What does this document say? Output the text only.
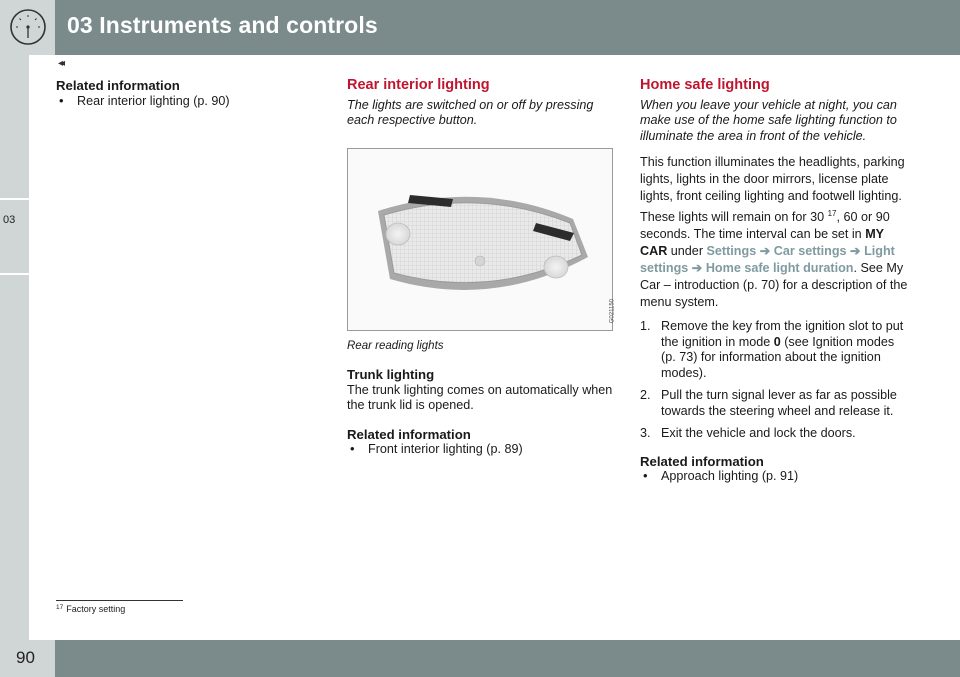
03 Instruments and controls
◂◂
03
Related information
• Rear interior lighting (p. 90)
Rear interior lighting

The lights are switched on or off by pressing each respective button.

G021150

Rear reading lights

Trunk lighting

The trunk lighting comes on automatically when the trunk lid is opened.

Related information
• Front interior lighting (p. 89)
Home safe lighting

When you leave your vehicle at night, you can make use of the home safe lighting function to illuminate the area in front of the vehicle.

This function illuminates the headlights, parking lights, lights in the door mirrors, license plate lights, front ceiling lighting and footwell lighting. These lights will remain on for 30 $^{17}$, 60 or 90 seconds. The time interval can be set in MY CAR under Settings ➔ Car settings ➔ Light settings ➔ Home safe light duration. See My Car – introduction (p. 70) for a description of the menu system.

1. Remove the key from the ignition slot to put the ignition in mode 0 (see Ignition modes (p. 73) for information about the ignition modes).
2. Pull the turn signal lever as far as possible towards the steering wheel and release it.
3. Exit the vehicle and lock the doors.
Related information
• Approach lighting (p. 91)
$^{17}$ Factory setting
90
